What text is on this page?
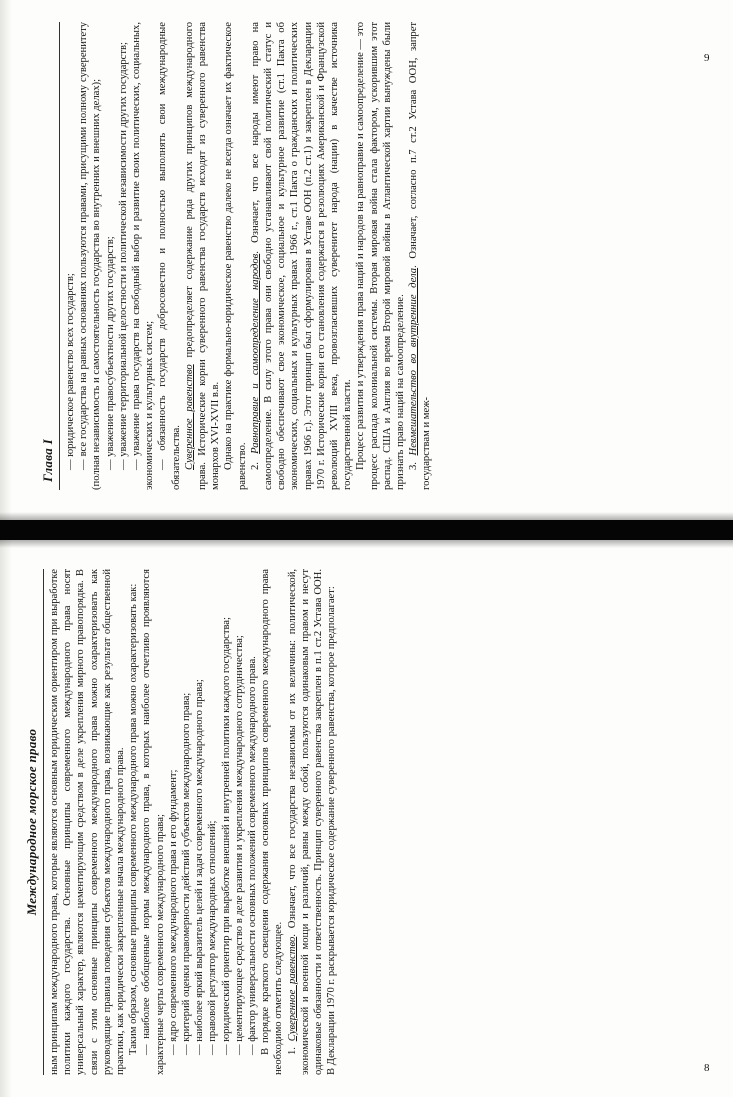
Глава I — юридическое равенство всех государств; — все государства на равных основаниях пользуются правами, присущими полному суверенитету (полная независимость и самостоятельность государства во внутренних и внешних делах); — уважение правосубъектности других государств; — уважение территориальной целостности и политической независимости других государств; — уважение права государств на свободный выбор и развитие своих политических, социальных, экономических и культурных систем; — обязанность государств добросовестно и полностью выполнять свои международные обязательства. Суверенное равенство предопределяет содержание ряда других принципов международного права. Исторические корни суверенного равенства государств исходят из суверенного равенства монархов XVI-XVII в.в. Однако на практике формально-юридическое равенство далеко не всегда означает их фактическое равенство. 2. Равноправие и самоопределение народов. Означает, что все народы имеют право на самоопределение. В силу этого права они свободно устанавливают свой политический статус и свободно обеспечивают свое экономическое, социальное и культурное развитие (ст.1 Пакта об экономических, социальных и культурных правах 1966 г., ст.1 Пакта о гражданских и политических правах 1966 г.). Этот принцип был сформулирован в Уставе ООН (п.2 ст.1) и закреплен в Декларации 1970 г. Исторические корни его становления содержатся в резолюциях Американской и Французской революций XVIII века, провозгласивших суверенитет народа (нации) в качестве источника государственной власти. Процесс развития и утверждения права наций и народов на равноправие и самоопределение — это процесс распада колониальной системы. Вторая мировая война стала фактором, ускорившим этот распад. США и Англия во время Второй мировой войны в Атлантической хартии вынуждены были признать право наций на самоопределение. 3. Невмешательство во внутренние дела. Означает, согласно п.7 ст.2 Устава ООН, запрет государствам и меж-

9
Международное морское право ным принципам международного права, которые являются основным юридическим ориентиром при выработке политики каждого государства. Основные принципы современного международного права носят универсальный характер, являются цементирующим средством в деле укрепления мирного правопорядка. В связи с этим основные принципы современного международного права можно охарактеризовать как руководящие правила поведения субъектов международного права, возникающие как результат общественной практики, как юридически закрепленные начала международного права. Таким образом, основные принципы современного международного права можно охарактеризовать как: — наиболее обобщенные нормы международного права, в которых наиболее отчетливо проявляются характерные черты современного международного права; — ядро современного международного права и его фундамент; — критерий оценки правомерности действий субъектов международного права; — наиболее яркий выразитель целей и задач современного международного права; — правовой регулятор международных отношений; — юридический ориентир при выработке внешней и внутренней политики каждого государства; — цементирующее средство в деле развития и укрепления международного сотрудничества; — фактор универсальности основных положений современного международного права. В порядке краткого освещения содержания основных принципов современного международного права необходимо отметить следующее. 1. Суверенное равенство. Означает, что все государства независимы от их величины: политической, экономической и военной мощи и различий, равны между собой, пользуются одинаковым правом и несут одинаковые обязанности и ответственность. Принцип суверенного равенства закреплен в п.1 ст.2 Устава ООН. В Декларации 1970 г. раскрывается юридическое содержание суверенного равенства, которое предполагает:	8
